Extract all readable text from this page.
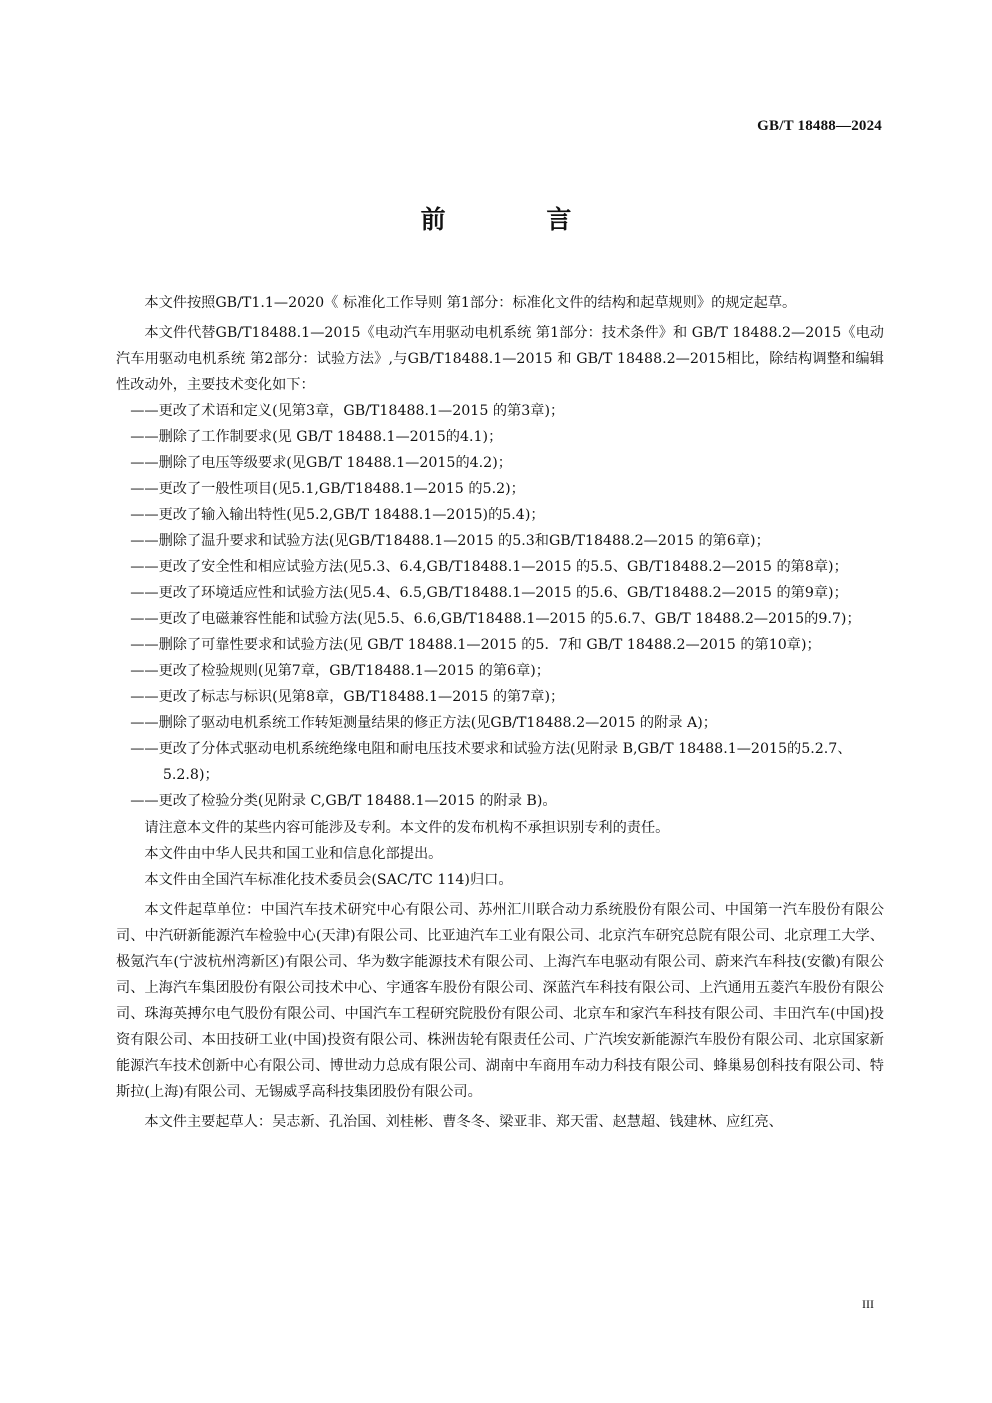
GB/T 18488—2024
前 言

本文件按照GB/T1.1—2020《 标准化工作导则 第1部分：标准化文件的结构和起草规则》的规定起草。

本文件代替GB/T18488.1—2015《电动汽车用驱动电机系统 第1部分：技术条件》和 GB/T 18488.2—2015《电动汽车用驱动电机系统 第2部分：试验方法》,与GB/T18488.1—2015 和 GB/T 18488.2—2015相比，除结构调整和编辑性改动外，主要技术变化如下：

——更改了术语和定义(见第3章，GB/T18488.1—2015 的第3章)；
——删除了工作制要求(见 GB/T 18488.1—2015的4.1)；
——删除了电压等级要求(见GB/T 18488.1—2015的4.2)；
——更改了一般性项目(见5.1,GB/T18488.1—2015 的5.2)；
——更改了输入输出特性(见5.2,GB/T 18488.1—2015)的5.4)；
——删除了温升要求和试验方法(见GB/T18488.1—2015 的5.3和GB/T18488.2—2015 的第6章)；
——更改了安全性和相应试验方法(见5.3、6.4,GB/T18488.1—2015 的5.5、GB/T18488.2—2015 的第8章)；
——更改了环境适应性和试验方法(见5.4、6.5,GB/T18488.1—2015 的5.6、GB/T18488.2—2015 的第9章)；
——更改了电磁兼容性能和试验方法(见5.5、6.6,GB/T18488.1—2015 的5.6.7、GB/T 18488.2—2015的9.7)；
——删除了可靠性要求和试验方法(见 GB/T 18488.1—2015 的5．7和 GB/T 18488.2—2015 的第10章)；
——更改了检验规则(见第7章，GB/T18488.1—2015 的第6章)；
——更改了标志与标识(见第8章，GB/T18488.1—2015 的第7章)；
——删除了驱动电机系统工作转矩测量结果的修正方法(见GB/T18488.2—2015 的附录 A)；
——更改了分体式驱动电机系统绝缘电阻和耐电压技术要求和试验方法(见附录 B,GB/T 18488.1—2015的5.2.7、5.2.8)；
——更改了检验分类(见附录 C,GB/T 18488.1—2015 的附录 B)。

请注意本文件的某些内容可能涉及专利。本文件的发布机构不承担识别专利的责任。

本文件由中华人民共和国工业和信息化部提出。

本文件由全国汽车标准化技术委员会(SAC/TC 114)归口。

本文件起草单位：中国汽车技术研究中心有限公司、苏州汇川联合动力系统股份有限公司、中国第一汽车股份有限公司、中汽研新能源汽车检验中心(天津)有限公司、比亚迪汽车工业有限公司、北京汽车研究总院有限公司、北京理工大学、极氪汽车(宁波杭州湾新区)有限公司、华为数字能源技术有限公司、上海汽车电驱动有限公司、蔚来汽车科技(安徽)有限公司、上海汽车集团股份有限公司技术中心、宇通客车股份有限公司、深蓝汽车科技有限公司、上汽通用五菱汽车股份有限公司、珠海英搏尔电气股份有限公司、中国汽车工程研究院股份有限公司、北京车和家汽车科技有限公司、丰田汽车(中国)投资有限公司、本田技研工业(中国)投资有限公司、株洲齿轮有限责任公司、广汽埃安新能源汽车股份有限公司、北京国家新能源汽车技术创新中心有限公司、博世动力总成有限公司、湖南中车商用车动力科技有限公司、蜂巢易创科技有限公司、特斯拉(上海)有限公司、无锡威孚高科技集团股份有限公司。

本文件主要起草人：吴志新、孔治国、刘桂彬、曹冬冬、梁亚非、郑天雷、赵慧超、钱建林、应红亮、

III
